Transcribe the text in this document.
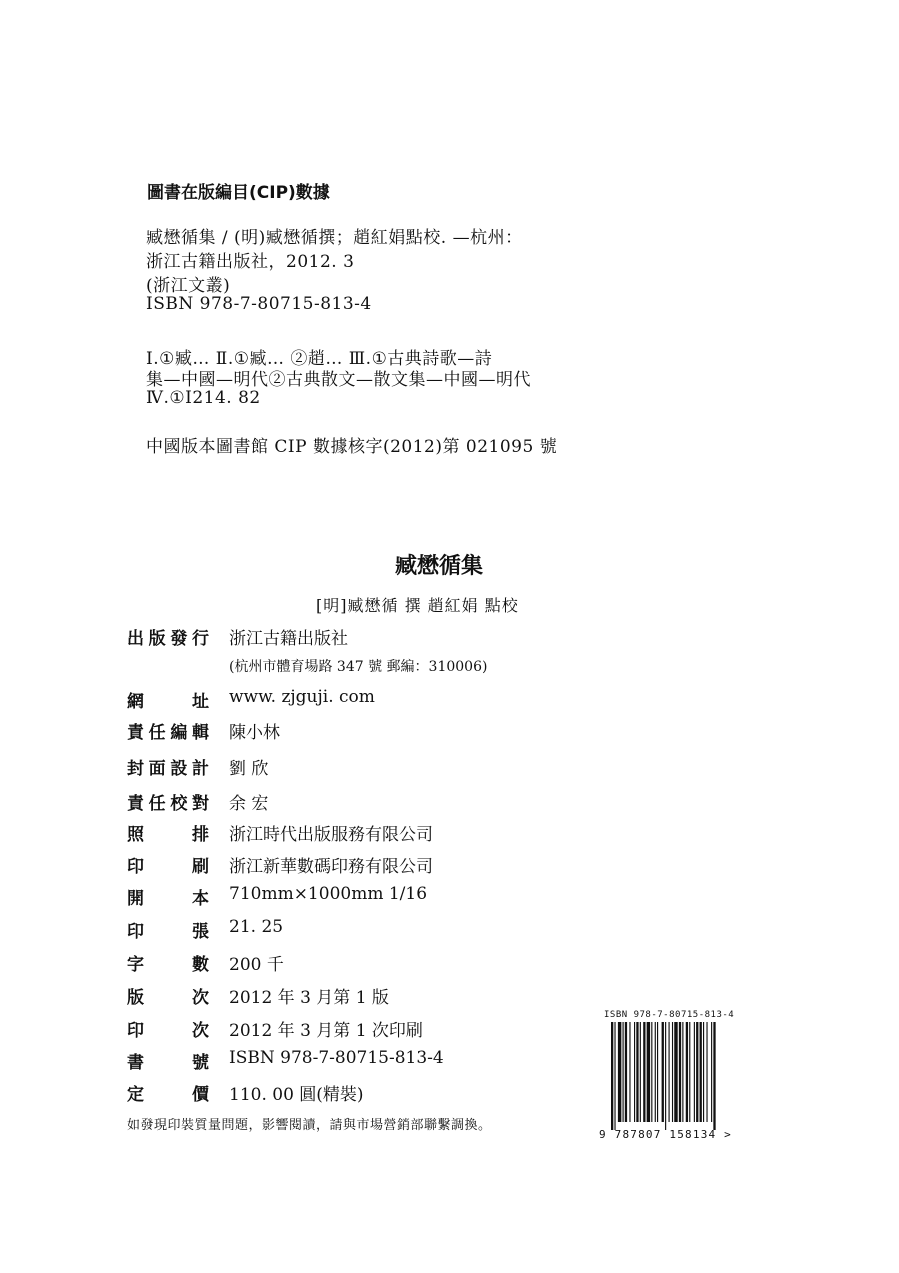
圖書在版編目(CIP)數據
臧懋循集 / (明)臧懋循撰；趙紅娟點校. —杭州：
浙江古籍出版社，2012. 3
(浙江文叢)
ISBN 978-7-80715-813-4
Ⅰ.①臧… Ⅱ.①臧… ②趙… Ⅲ.①古典詩歌—詩
集—中國—明代②古典散文—散文集—中國—明代
Ⅳ.①I214. 82
中國版本圖書館 CIP 數據核字(2012)第 021095 號
臧懋循集
[明]臧懋循 撰 趙紅娟 點校
出 版 發 行 浙江古籍出版社
網	址 www. zjguji. com
責 任 編 輯 陳小林
封 面 設 計 劉 欣
責 任 校 對 余 宏
照	排 浙江時代出版服務有限公司
印	刷 浙江新華數碼印務有限公司
開	本 710mm×1000mm 1/16
印	張 21. 25
字	數 200 千
版	次 2012 年 3 月第 1 版
印	次 2012 年 3 月第 1 次印刷
書	號 ISBN 978-7-80715-813-4
定	價 110. 00 圓(精裝)
(杭州市體育場路 347 號 郵編：310006)
如發現印裝質量問題，影響閱讀，請與市場營銷部聯繫調換。
ISBN 978-7-80715-813-4
9 787807 158134 >
